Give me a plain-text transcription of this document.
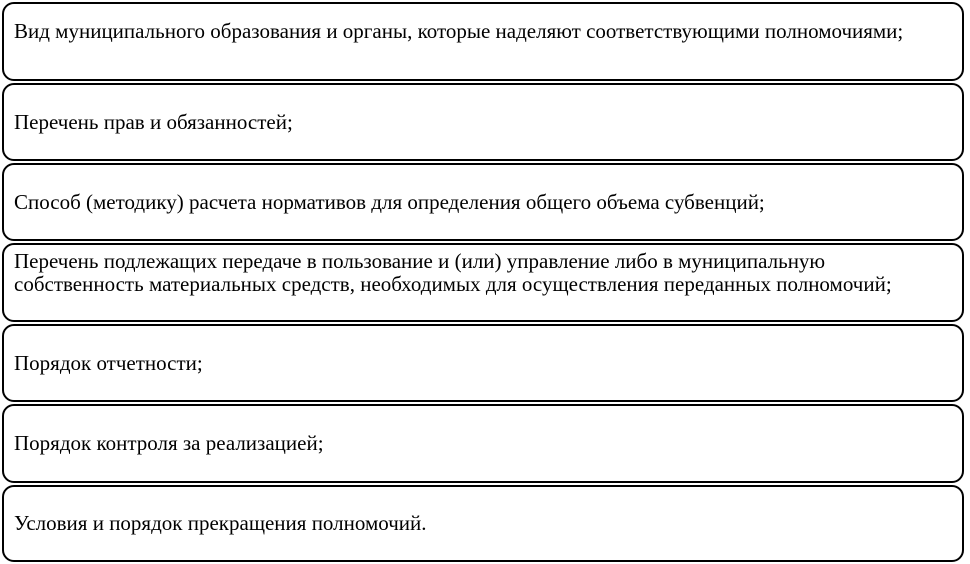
Вид муниципального образования и органы, которые наделяют соответствующими полномочиями;
Перечень прав и обязанностей;
Способ (методику) расчета нормативов для определения общего объема субвенций;
Перечень подлежащих передаче в пользование и (или) управление либо в муниципальную собственность материальных средств, необходимых для осуществления переданных полномочий;
Порядок отчетности;
Порядок контроля за реализацией;
Условия и порядок прекращения полномочий.
